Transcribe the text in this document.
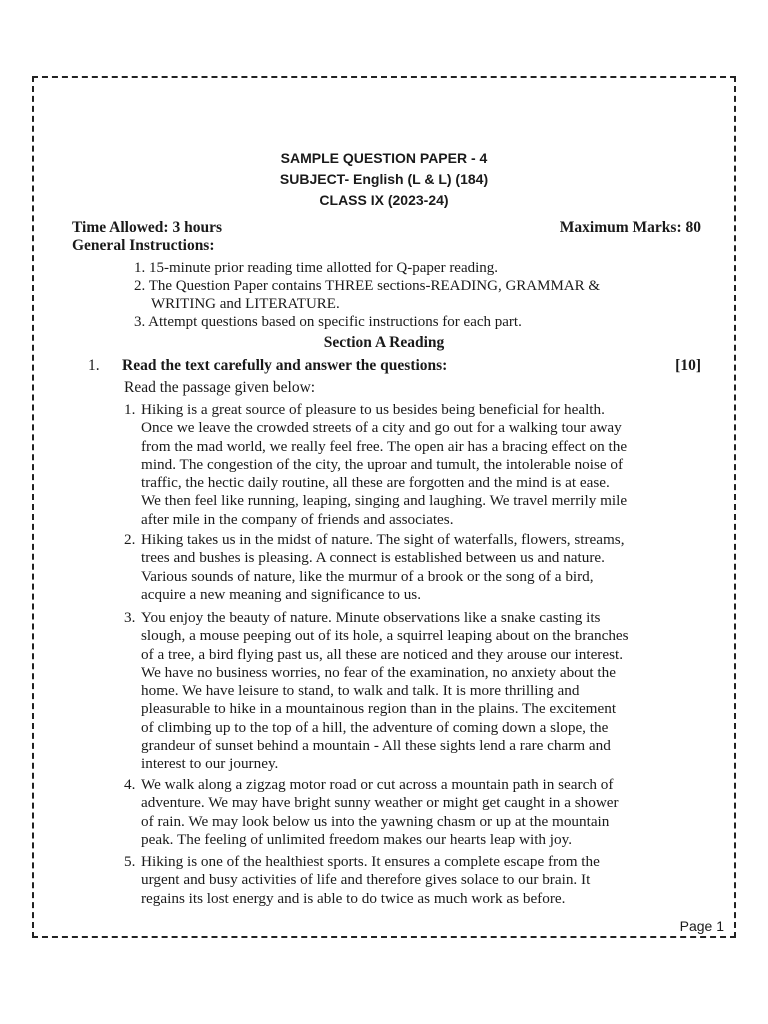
SAMPLE QUESTION PAPER - 4
SUBJECT- English (L & L) (184)
CLASS IX (2023-24)
Time Allowed: 3 hours	Maximum Marks: 80
General Instructions:
1. 15-minute prior reading time allotted for Q-paper reading.
2. The Question Paper contains THREE sections-READING, GRAMMAR &
WRITING and LITERATURE.
3. Attempt questions based on specific instructions for each part.
Section A Reading
1. Read the text carefully and answer the questions:	[10]
Read the passage given below:
1. Hiking is a great source of pleasure to us besides being beneficial for health.
Once we leave the crowded streets of a city and go out for a walking tour away
from the mad world, we really feel free. The open air has a bracing effect on the
mind. The congestion of the city, the uproar and tumult, the intolerable noise of
traffic, the hectic daily routine, all these are forgotten and the mind is at ease.
We then feel like running, leaping, singing and laughing. We travel merrily mile
after mile in the company of friends and associates.
2. Hiking takes us in the midst of nature. The sight of waterfalls, flowers, streams,
trees and bushes is pleasing. A connect is established between us and nature.
Various sounds of nature, like the murmur of a brook or the song of a bird,
acquire a new meaning and significance to us.
3. You enjoy the beauty of nature. Minute observations like a snake casting its
slough, a mouse peeping out of its hole, a squirrel leaping about on the branches
of a tree, a bird flying past us, all these are noticed and they arouse our interest.
We have no business worries, no fear of the examination, no anxiety about the
home. We have leisure to stand, to walk and talk. It is more thrilling and
pleasurable to hike in a mountainous region than in the plains. The excitement
of climbing up to the top of a hill, the adventure of coming down a slope, the
grandeur of sunset behind a mountain - All these sights lend a rare charm and
interest to our journey.
4. We walk along a zigzag motor road or cut across a mountain path in search of
adventure. We may have bright sunny weather or might get caught in a shower
of rain. We may look below us into the yawning chasm or up at the mountain
peak. The feeling of unlimited freedom makes our hearts leap with joy.
5. Hiking is one of the healthiest sports. It ensures a complete escape from the
urgent and busy activities of life and therefore gives solace to our brain. It
regains its lost energy and is able to do twice as much work as before.
Page 1
